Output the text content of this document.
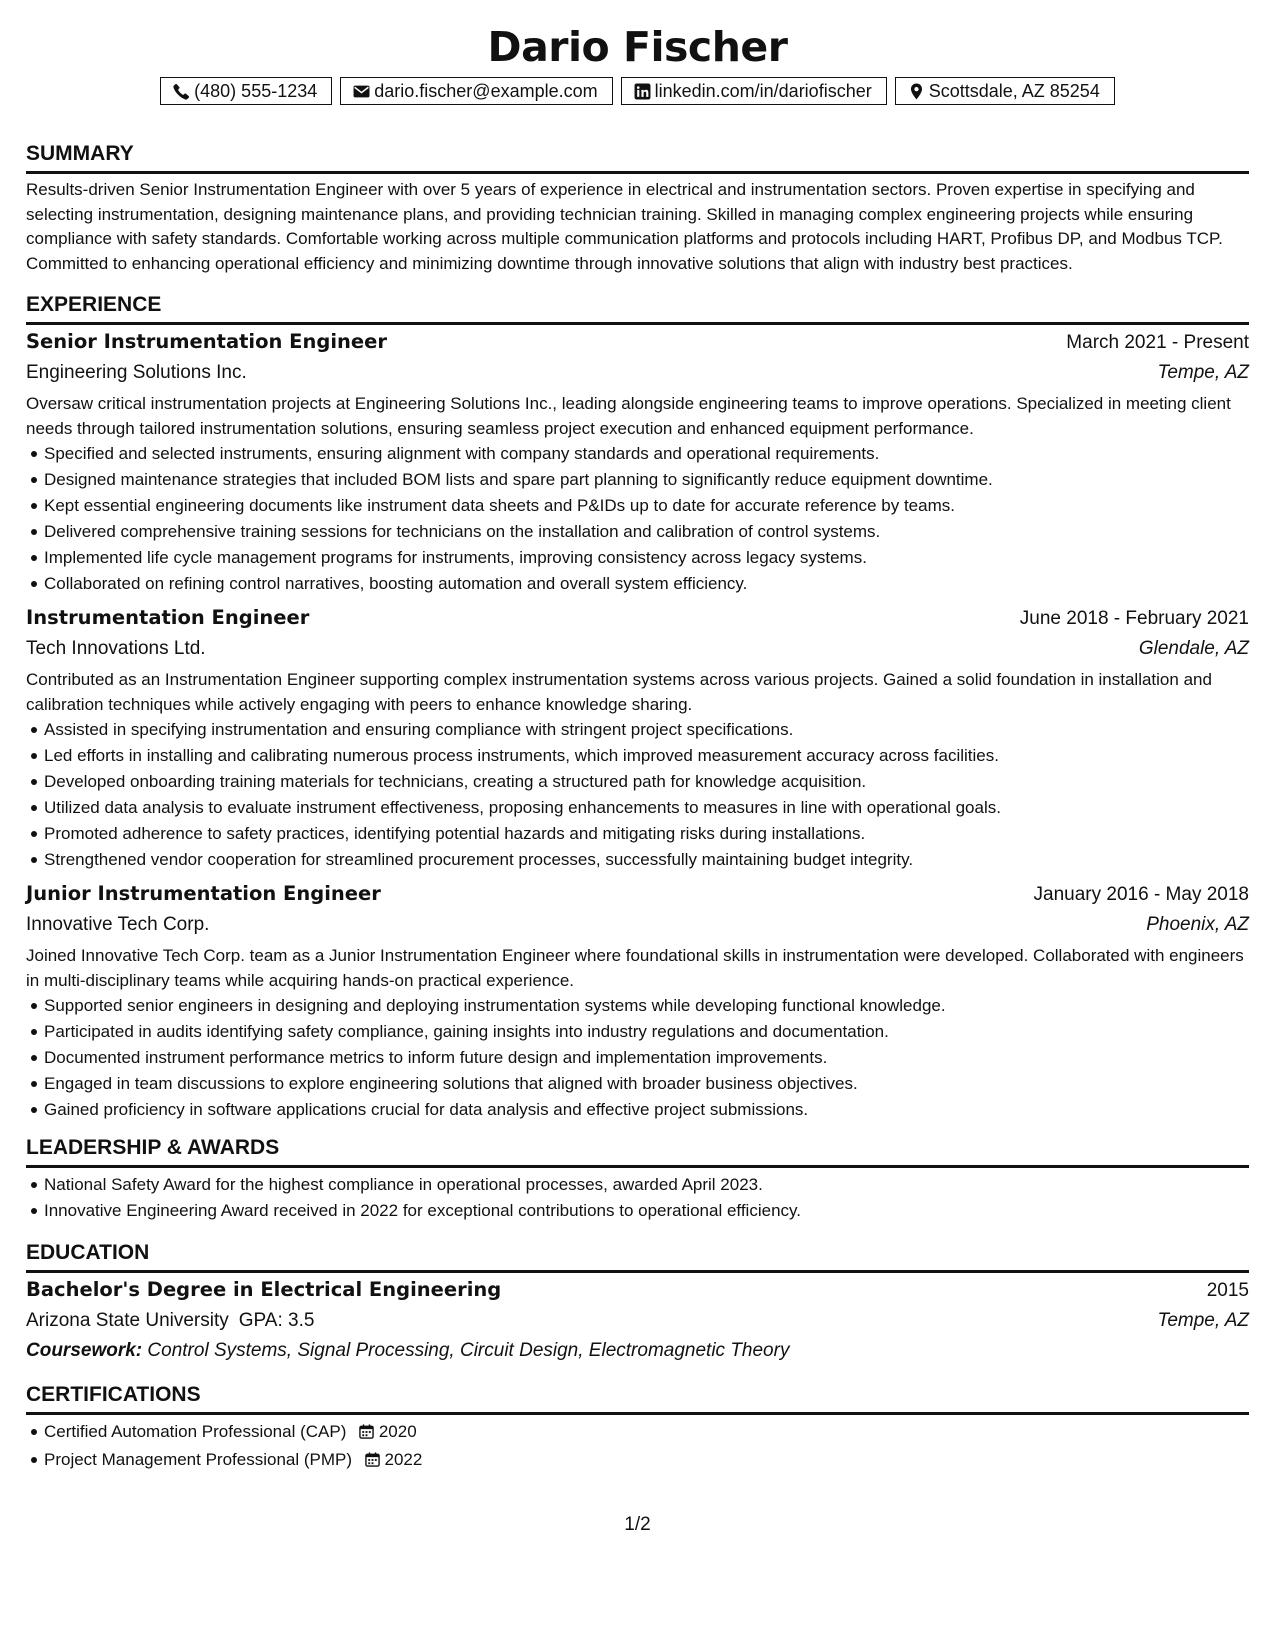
Dario Fischer
(480) 555-1234	dario.fischer@example.com	linkedin.com/in/dariofischer	Scottsdale, AZ 85254
SUMMARY

Results-driven Senior Instrumentation Engineer with over 5 years of experience in electrical and instrumentation sectors. Proven expertise in specifying and selecting instrumentation, designing maintenance plans, and providing technician training. Skilled in managing complex engineering projects while ensuring compliance with safety standards. Comfortable working across multiple communication platforms and protocols including HART, Profibus DP, and Modbus TCP. Committed to enhancing operational efficiency and minimizing downtime through innovative solutions that align with industry best practices.

EXPERIENCE
Senior Instrumentation Engineer	March 2021 - Present
Engineering Solutions Inc.	Tempe, AZ

Oversaw critical instrumentation projects at Engineering Solutions Inc., leading alongside engineering teams to improve operations. Specialized in meeting client needs through tailored instrumentation solutions, ensuring seamless project execution and enhanced equipment performance.

Specified and selected instruments, ensuring alignment with company standards and operational requirements.
Designed maintenance strategies that included BOM lists and spare part planning to significantly reduce equipment downtime.
Kept essential engineering documents like instrument data sheets and P&IDs up to date for accurate reference by teams.
Delivered comprehensive training sessions for technicians on the installation and calibration of control systems.
Implemented life cycle management programs for instruments, improving consistency across legacy systems.
Collaborated on refining control narratives, boosting automation and overall system efficiency.
Instrumentation Engineer	June 2018 - February 2021
Tech Innovations Ltd.	Glendale, AZ

Contributed as an Instrumentation Engineer supporting complex instrumentation systems across various projects. Gained a solid foundation in installation and calibration techniques while actively engaging with peers to enhance knowledge sharing.

Assisted in specifying instrumentation and ensuring compliance with stringent project specifications.
Led efforts in installing and calibrating numerous process instruments, which improved measurement accuracy across facilities.
Developed onboarding training materials for technicians, creating a structured path for knowledge acquisition.
Utilized data analysis to evaluate instrument effectiveness, proposing enhancements to measures in line with operational goals.
Promoted adherence to safety practices, identifying potential hazards and mitigating risks during installations.
Strengthened vendor cooperation for streamlined procurement processes, successfully maintaining budget integrity.
Junior Instrumentation Engineer	January 2016 - May 2018
Innovative Tech Corp.	Phoenix, AZ

Joined Innovative Tech Corp. team as a Junior Instrumentation Engineer where foundational skills in instrumentation were developed. Collaborated with engineers in multi-disciplinary teams while acquiring hands-on practical experience.

Supported senior engineers in designing and deploying instrumentation systems while developing functional knowledge.
Participated in audits identifying safety compliance, gaining insights into industry regulations and documentation.
Documented instrument performance metrics to inform future design and implementation improvements.
Engaged in team discussions to explore engineering solutions that aligned with broader business objectives.
Gained proficiency in software applications crucial for data analysis and effective project submissions.
LEADERSHIP & AWARDS
National Safety Award for the highest compliance in operational processes, awarded April 2023.
Innovative Engineering Award received in 2022 for exceptional contributions to operational efficiency.
EDUCATION
Bachelor's Degree in Electrical Engineering	2015
Arizona State University GPA: 3.5	Tempe, AZ
Coursework: Control Systems, Signal Processing, Circuit Design, Electromagnetic Theory
CERTIFICATIONS
Certified Automation Professional (CAP) 2020
Project Management Professional (PMP) 2022
1/2
